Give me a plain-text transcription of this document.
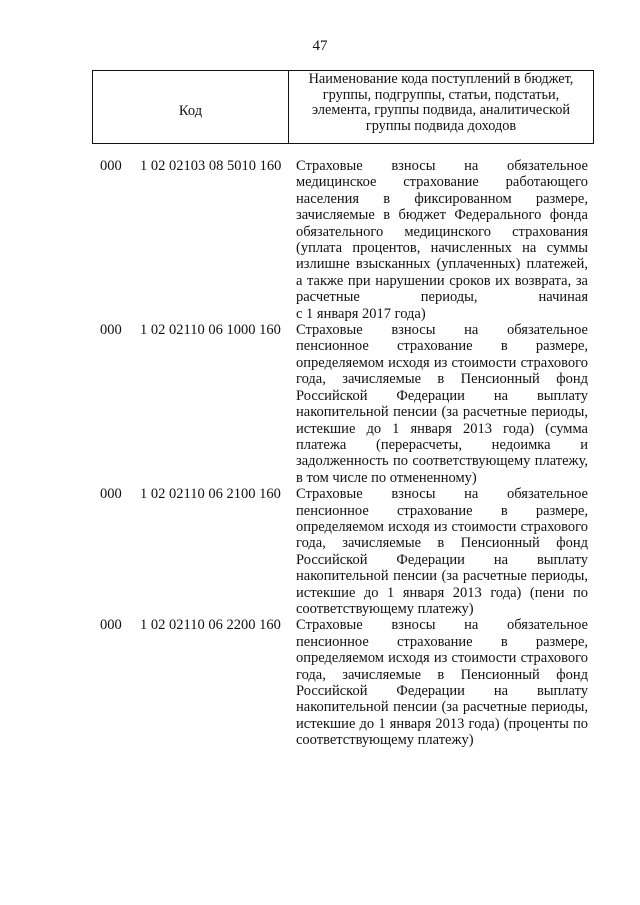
47
Код
Наименование кода поступлений в бюджет, группы, подгруппы, статьи, подстатьи, элемента, группы подвида, аналитической группы подвида доходов
000 1 02 02103 08 5010 160 Страховые взносы на обязательное
медицинское страхование работающего
населения в фиксированном размере,
зачисляемые в бюджет Федерального фонда
обязательного медицинского страхования
(уплата процентов, начисленных на суммы
излишне взысканных (уплаченных) платежей,
а также при нарушении сроков их возврата, за
расчетные периоды, начиная
с 1 января 2017 года)
000 1 02 02110 06 1000 160 Страховые взносы на обязательное
пенсионное страхование в размере,
определяемом исходя из стоимости страхового
года, зачисляемые в Пенсионный фонд
Российской Федерации на выплату
накопительной пенсии (за расчетные периоды,
истекшие до 1 января 2013 года) (сумма
платежа (перерасчеты, недоимка и
задолженность по соответствующему платежу,
в том числе по отмененному)
000 1 02 02110 06 2100 160 Страховые взносы на обязательное
пенсионное страхование в размере,
определяемом исходя из стоимости страхового
года, зачисляемые в Пенсионный фонд
Российской Федерации на выплату
накопительной пенсии (за расчетные периоды,
истекшие до 1 января 2013 года) (пени по
соответствующему платежу)
000 1 02 02110 06 2200 160 Страховые взносы на обязательное
пенсионное страхование в размере,
определяемом исходя из стоимости страхового
года, зачисляемые в Пенсионный фонд
Российской Федерации на выплату
накопительной пенсии (за расчетные периоды,
истекшие до 1 января 2013 года) (проценты по
соответствующему платежу)
